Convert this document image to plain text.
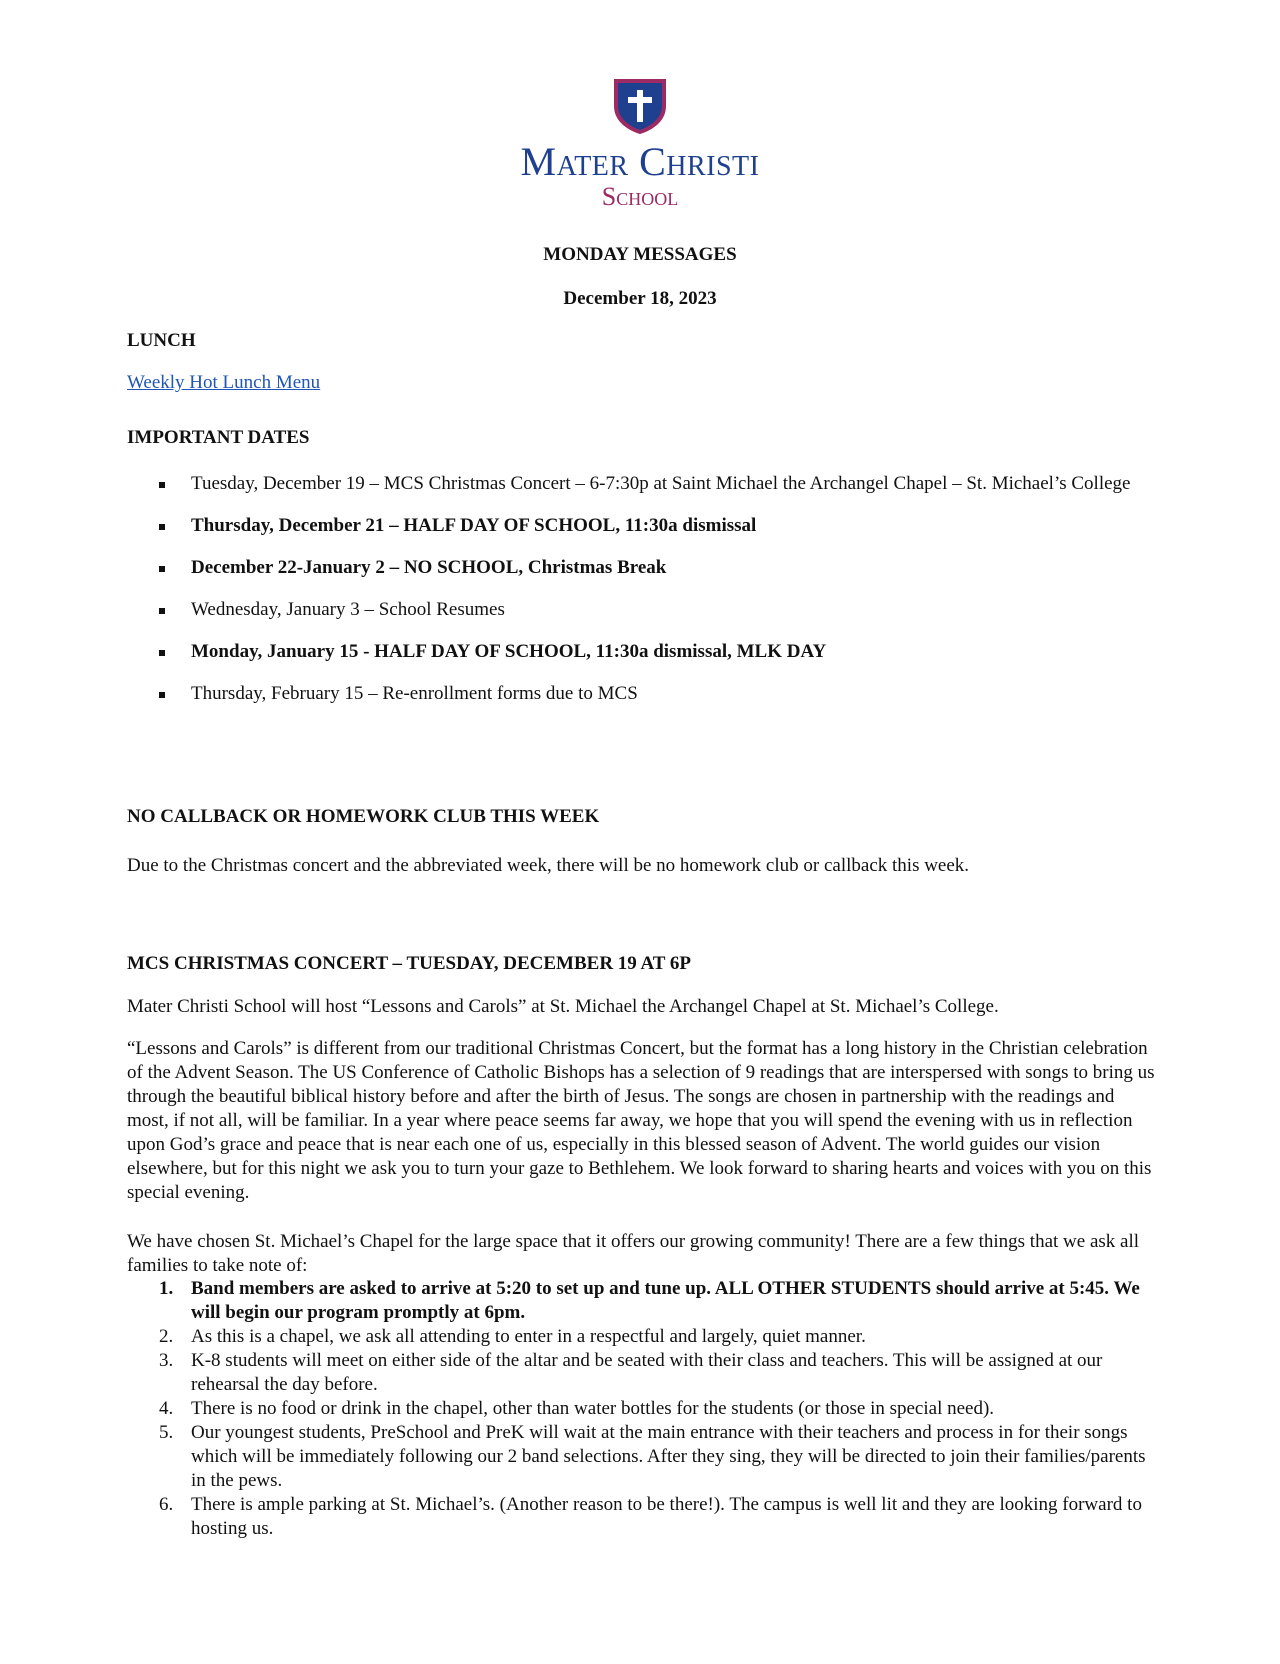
Mater Christi
School
MONDAY MESSAGES
December 18, 2023
LUNCH
Weekly Hot Lunch Menu
IMPORTANT DATES
Tuesday, December 19 – MCS Christmas Concert – 6-7:30p at Saint Michael the Archangel Chapel – St. Michael’s College
Thursday, December 21 – HALF DAY OF SCHOOL, 11:30a dismissal
December 22-January 2 – NO SCHOOL, Christmas Break
Wednesday, January 3 – School Resumes
Monday, January 15 - HALF DAY OF SCHOOL, 11:30a dismissal, MLK DAY
Thursday, February 15 – Re-enrollment forms due to MCS
NO CALLBACK OR HOMEWORK CLUB THIS WEEK
Due to the Christmas concert and the abbreviated week, there will be no homework club or callback this week.
MCS CHRISTMAS CONCERT – TUESDAY, DECEMBER 19 AT 6P
Mater Christi School will host “Lessons and Carols” at St. Michael the Archangel Chapel at St. Michael’s College.
“Lessons and Carols” is different from our traditional Christmas Concert, but the format has a long history in the Christian celebration of the Advent Season. The US Conference of Catholic Bishops has a selection of 9 readings that are interspersed with songs to bring us through the beautiful biblical history before and after the birth of Jesus. The songs are chosen in partnership with the readings and most, if not all, will be familiar. In a year where peace seems far away, we hope that you will spend the evening with us in reflection upon God’s grace and peace that is near each one of us, especially in this blessed season of Advent. The world guides our vision elsewhere, but for this night we ask you to turn your gaze to Bethlehem. We look forward to sharing hearts and voices with you on this special evening.
We have chosen St. Michael’s Chapel for the large space that it offers our growing community! There are a few things that we ask all families to take note of:
1. Band members are asked to arrive at 5:20 to set up and tune up. ALL OTHER STUDENTS should arrive at 5:45. We will begin our program promptly at 6pm.
2. As this is a chapel, we ask all attending to enter in a respectful and largely, quiet manner.
3. K-8 students will meet on either side of the altar and be seated with their class and teachers. This will be assigned at our rehearsal the day before.
4. There is no food or drink in the chapel, other than water bottles for the students (or those in special need).
5. Our youngest students, PreSchool and PreK will wait at the main entrance with their teachers and process in for their songs which will be immediately following our 2 band selections. After they sing, they will be directed to join their families/parents in the pews.
6. There is ample parking at St. Michael’s. (Another reason to be there!). The campus is well lit and they are looking forward to hosting us.
